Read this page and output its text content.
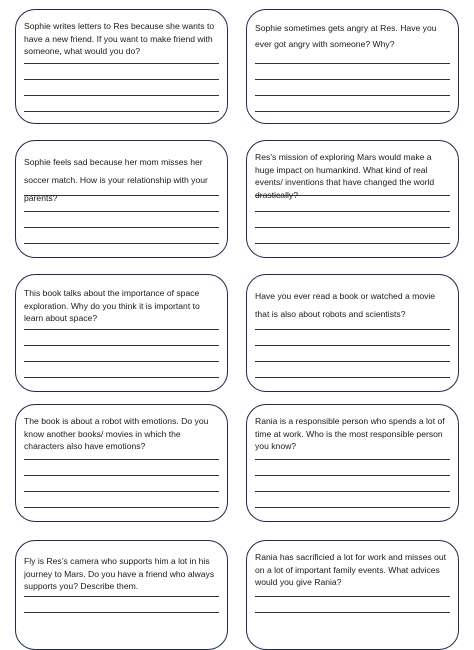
Sophie writes letters to Res because she wants to have a new friend. If you want to make friend with someone, what would you do?

Sophie sometimes gets angry at Res. Have you ever got angry with someone? Why?

Sophie feels sad because her mom misses her soccer match. How is your relationship with your parents?

Res’s mission of exploring Mars would make a huge impact on humankind. What kind of real events/ inventions that have changed the world drastically?

This book talks about the importance of space exploration. Why do you think it is important to learn about space?

Have you ever read a book or watched a movie that is also about robots and scientists?

The book is about a robot with emotions. Do you know another books/ movies in which the characters also have emotions?

Rania is a responsible person who spends a lot of time at work. Who is the most responsible person you know?

Fly is Res’s camera who supports him a lot in his journey to Mars. Do you have a friend who always supports you? Describe them.

Rania has sacrificied a lot for work and misses out on a lot of important family events. What advices would you give Rania?
